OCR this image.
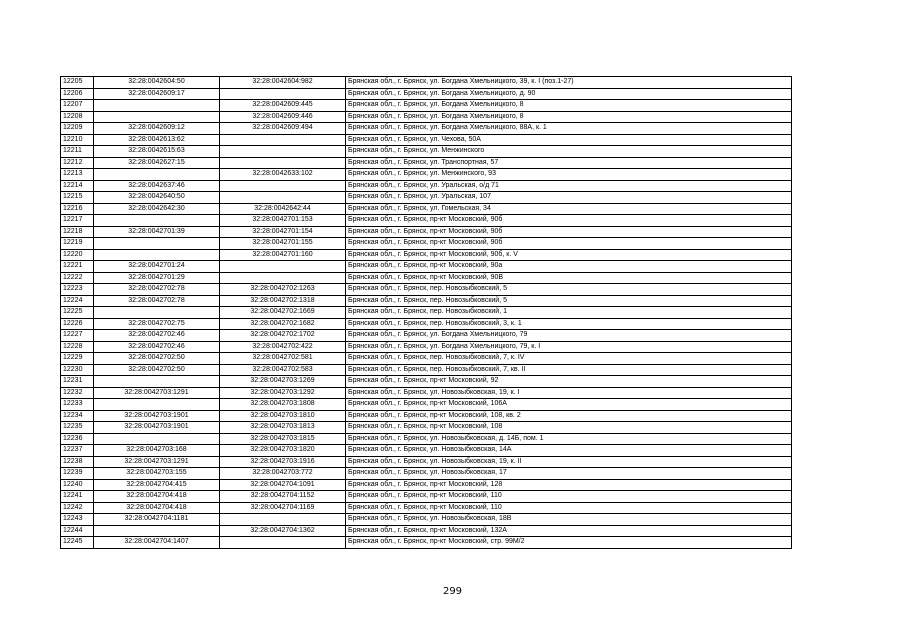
12205	32:28:0042604:50	32:28:0042604:982	Брянская обл., г. Брянск, ул. Богдана Хмельницкого, 39, к. I (поз.1-27)
12206	32:28:0042609:17		Брянская обл., г. Брянск, ул. Богдана Хмельницкого, д. 90
12207		32:28:0042609:445	Брянская обл., г. Брянск, ул. Богдана Хмельницкого, 8
12208		32:28:0042609:446	Брянская обл., г. Брянск, ул. Богдана Хмельницкого, 8
12209	32:28:0042609:12	32:28:0042609:494	Брянская обл., г. Брянск, ул. Богдана Хмельницкого, 88А, к. 1
12210	32:28:0042613:62		Брянская обл., г. Брянск, ул. Чехова, 50А
12211	32:28:0042615:63		Брянская обл., г. Брянск, ул. Менжинского
12212	32:28:0042627:15		Брянская обл., г. Брянск, ул. Транспортная, 57
12213		32:28:0042633:102	Брянская обл., г. Брянск, ул. Менжинского, 93
12214	32:28:0042637:46		Брянская обл., г. Брянск, ул. Уральская, о/д 71
12215	32:28:0042640:50		Брянская обл., г. Брянск, ул. Уральская, 107
12216	32:28:0042642:30	32:28:0042642:44	Брянская обл., г. Брянск, ул. Гомельская, 34
12217		32:28:0042701:153	Брянская обл., г. Брянск, пр-кт Московский, 90б
12218	32:28:0042701:39	32:28:0042701:154	Брянская обл., г. Брянск, пр-кт Московский, 90б
12219		32:28:0042701:155	Брянская обл., г. Брянск, пр-кт Московский, 90б
12220		32:28:0042701:160	Брянская обл., г. Брянск, пр-кт Московский, 90б, к. V
12221	32:28:0042701:24		Брянская обл., г. Брянск, пр-кт Московский, 90а
12222	32:28:0042701:29		Брянская обл., г. Брянск, пр-кт Московский, 90В
12223	32:28:0042702:78	32:28:0042702:1263	Брянская обл., г. Брянск, пер. Новозыбковский, 5
12224	32:28:0042702:78	32:28:0042702:1318	Брянская обл., г. Брянск, пер. Новозыбковский, 5
12225		32:28:0042702:1669	Брянская обл., г. Брянск, пер. Новозыбковский, 1
12226	32:28:0042702:75	32:28:0042702:1682	Брянская обл., г. Брянск, пер. Новозыбковский, 3, к. 1
12227	32:28:0042702:46	32:28:0042702:1702	Брянская обл., г. Брянск, ул. Богдана Хмельницкого, 79
12228	32:28:0042702:46	32:28:0042702:422	Брянская обл., г. Брянск, ул. Богдана Хмельницкого, 79, к. I
12229	32:28:0042702:50	32:28:0042702:581	Брянская обл., г. Брянск, пер. Новозыбковский, 7, к. IV
12230	32:28:0042702:50	32:28:0042702:583	Брянская обл., г. Брянск, пер. Новозыбковский, 7, кв. II
12231		32:28:0042703:1269	Брянская обл., г. Брянск, пр-кт Московский, 92
12232	32:28:0042703:1291	32:28:0042703:1292	Брянская обл., г. Брянск, ул. Новозыбковская, 19, к. I
12233		32:28:0042703:1808	Брянская обл., г. Брянск, пр-кт Московский, 106А
12234	32:28:0042703:1901	32:28:0042703:1810	Брянская обл., г. Брянск, пр-кт Московский, 108, кв. 2
12235	32:28:0042703:1901	32:28:0042703:1813	Брянская обл., г. Брянск, пр-кт Московский, 108
12236		32:28:0042703:1815	Брянская обл., г. Брянск, ул. Новозыбковская, д. 14Б, пом. 1
12237	32:28:0042703:168	32:28:0042703:1820	Брянская обл., г. Брянск, ул. Новозыбковская, 14А
12238	32:28:0042703:1291	32:28:0042703:1916	Брянская обл., г. Брянск, ул. Новозыбковская, 19, к. II
12239	32:28:0042703:155	32:28:0042703:772	Брянская обл., г. Брянск, ул. Новозыбковская, 17
12240	32:28:0042704:415	32:28:0042704:1091	Брянская обл., г. Брянск, пр-кт Московский, 128
12241	32:28:0042704:418	32:28:0042704:1152	Брянская обл., г. Брянск, пр-кт Московский, 110
12242	32:28:0042704:418	32:28:0042704:1169	Брянская обл., г. Брянск, пр-кт Московский, 110
12243	32:28:0042704:1181		Брянская обл., г. Брянск, ул. Новозыбковская, 18В
12244		32:28:0042704:1362	Брянская обл., г. Брянск, пр-кт Московский, 132А
12245	32:28:0042704:1407		Брянская обл., г. Брянск, пр-кт Московский, стр. 99М/2
299
